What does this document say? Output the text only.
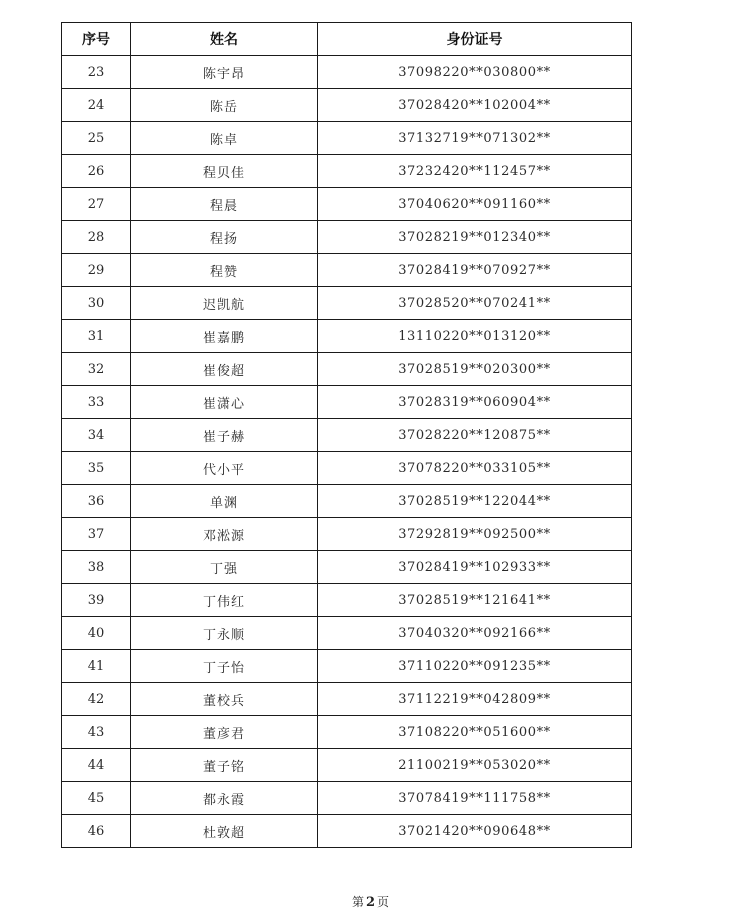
序号	姓名	身份证号
23	陈宇昂	37098220**030800**
24	陈岳	37028420**102004**
25	陈卓	37132719**071302**
26	程贝佳	37232420**112457**
27	程晨	37040620**091160**
28	程扬	37028219**012340**
29	程赞	37028419**070927**
30	迟凯航	37028520**070241**
31	崔嘉鹏	13110220**013120**
32	崔俊超	37028519**020300**
33	崔潇心	37028319**060904**
34	崔子赫	37028220**120875**
35	代小平	37078220**033105**
36	单渊	37028519**122044**
37	邓淞源	37292819**092500**
38	丁强	37028419**102933**
39	丁伟红	37028519**121641**
40	丁永顺	37040320**092166**
41	丁子怡	37110220**091235**
42	董校兵	37112219**042809**
43	董彦君	37108220**051600**
44	董子铭	21100219**053020**
45	都永霞	37078419**111758**
46	杜敦超	37021420**090648**
第 2 页
